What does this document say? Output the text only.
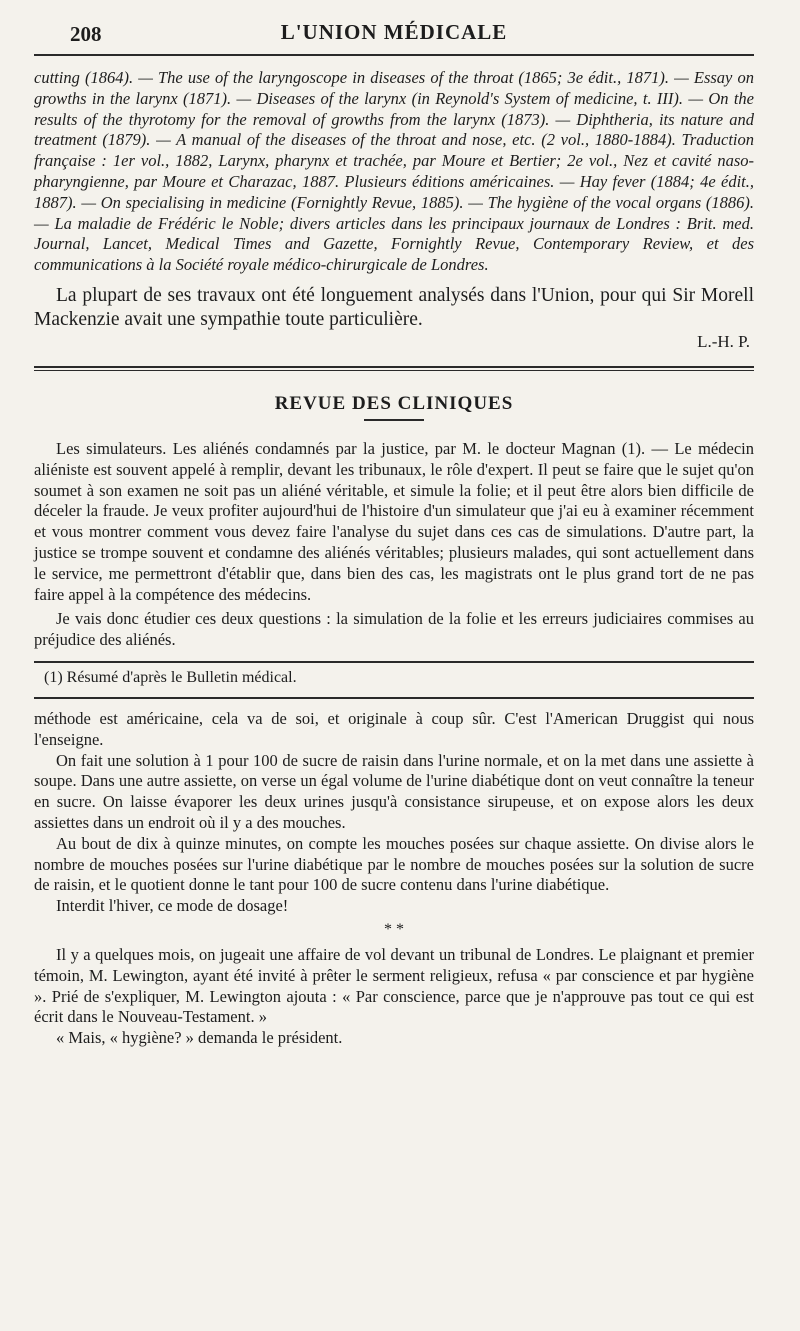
208	L'UNION MÉDICALE

cutting (1864). — The use of the laryngoscope in diseases of the throat (1865; 3e édit., 1871). — Essay on growths in the larynx (1871). — Diseases of the larynx (in Reynold's System of medicine, t. III). — On the results of the thyrotomy for the removal of growths from the larynx (1873). — Diphtheria, its nature and treatment (1879). — A manual of the diseases of the throat and nose, etc. (2 vol., 1880-1884). Traduction française : 1er vol., 1882, Larynx, pharynx et trachée, par Moure et Bertier; 2e vol., Nez et cavité naso-pharyngienne, par Moure et Charazac, 1887. Plusieurs éditions américaines. — Hay fever (1884; 4e édit., 1887). — On specialising in medicine (Fornightly Revue, 1885). — The hygiène of the vocal organs (1886). — La maladie de Frédéric le Noble; divers articles dans les principaux journaux de Londres : Brit. med. Journal, Lancet, Medical Times and Gazette, Fornightly Revue, Contemporary Review, et des communications à la Société royale médico-chirurgicale de Londres.

La plupart de ses travaux ont été longuement analysés dans l'Union, pour qui Sir Morell Mackenzie avait une sympathie toute particulière.

L.-H. P.

REVUE DES CLINIQUES

Les simulateurs. Les aliénés condamnés par la justice, par M. le docteur Magnan (1). — Le médecin aliéniste est souvent appelé à remplir, devant les tribunaux, le rôle d'expert. Il peut se faire que le sujet qu'on soumet à son examen ne soit pas un aliéné véritable, et simule la folie; et il peut être alors bien difficile de déceler la fraude. Je veux profiter aujourd'hui de l'histoire d'un simulateur que j'ai eu à examiner récemment et vous montrer comment vous devez faire l'analyse du sujet dans ces cas de simulations. D'autre part, la justice se trompe souvent et condamne des aliénés véritables; plusieurs malades, qui sont actuellement dans le service, me permettront d'établir que, dans bien des cas, les magistrats ont le plus grand tort de ne pas faire appel à la compétence des médecins.

Je vais donc étudier ces deux questions : la simulation de la folie et les erreurs judiciaires commises au préjudice des aliénés.

(1) Résumé d'après le Bulletin médical.

méthode est américaine, cela va de soi, et originale à coup sûr. C'est l'American Druggist qui nous l'enseigne.

On fait une solution à 1 pour 100 de sucre de raisin dans l'urine normale, et on la met dans une assiette à soupe. Dans une autre assiette, on verse un égal volume de l'urine diabétique dont on veut connaître la teneur en sucre. On laisse évaporer les deux urines jusqu'à consistance sirupeuse, et on expose alors les deux assiettes dans un endroit où il y a des mouches.

Au bout de dix à quinze minutes, on compte les mouches posées sur chaque assiette. On divise alors le nombre de mouches posées sur l'urine diabétique par le nombre de mouches posées sur la solution de sucre de raisin, et le quotient donne le tant pour 100 de sucre contenu dans l'urine diabétique.

Interdit l'hiver, ce mode de dosage!

* *

Il y a quelques mois, on jugeait une affaire de vol devant un tribunal de Londres. Le plaignant et premier témoin, M. Lewington, ayant été invité à prêter le serment religieux, refusa « par conscience et par hygiène ». Prié de s'expliquer, M. Lewington ajouta : « Par conscience, parce que je n'approuve pas tout ce qui est écrit dans le Nouveau-Testament. »

« Mais, « hygiène? » demanda le président.
